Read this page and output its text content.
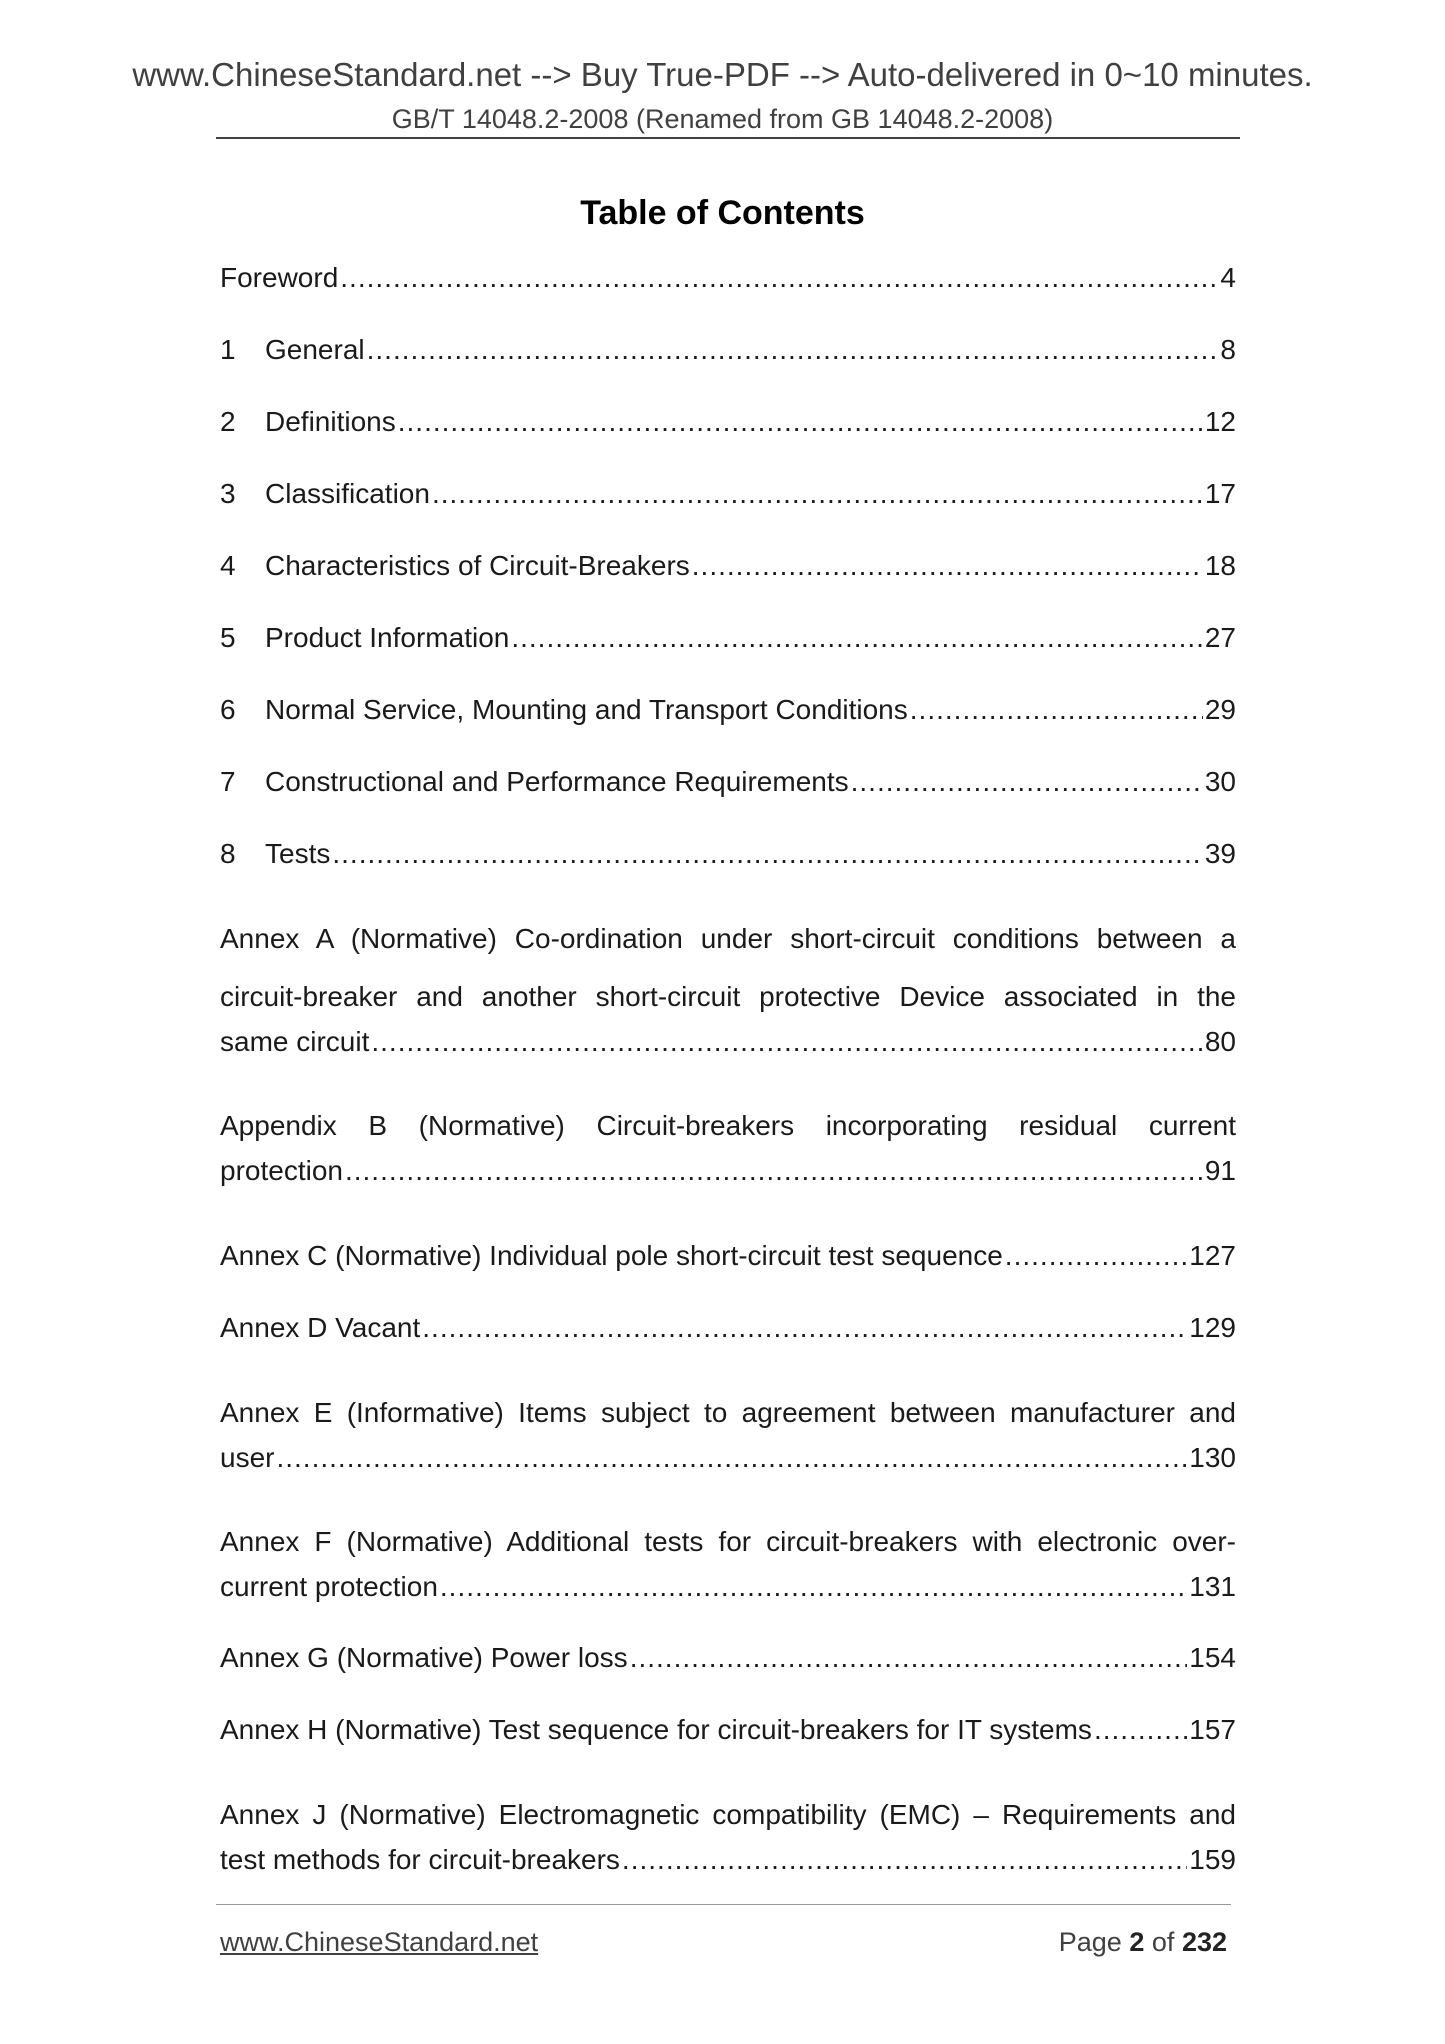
www.ChineseStandard.net --> Buy True-PDF --> Auto-delivered in 0~10 minutes.
GB/T 14048.2-2008 (Renamed from GB 14048.2-2008)
Table of Contents
Foreword .....	4
1	General .....	8
2	Definitions .....	12
3	Classification .....	17
4	Characteristics of Circuit-Breakers .....	18
5	Product Information .....	27
6	Normal Service, Mounting and Transport Conditions .....	29
7	Constructional and Performance Requirements .....	30
8	Tests .....	39
Annex A (Normative) Co-ordination under short-circuit conditions between a
circuit-breaker and another short-circuit protective Device associated in the
same circuit .....	80
Appendix B (Normative) Circuit-breakers incorporating residual current
protection .....	91
Annex C (Normative) Individual pole short-circuit test sequence .....	127
Annex D Vacant .....	129
Annex E (Informative) Items subject to agreement between manufacturer and
user .....	130
Annex F (Normative) Additional tests for circuit-breakers with electronic over-
current protection .....	131
Annex G (Normative) Power loss .....	154
Annex H (Normative) Test sequence for circuit-breakers for IT systems .....	157
Annex J (Normative) Electromagnetic compatibility (EMC) – Requirements and
test methods for circuit-breakers .....	159
www.ChineseStandard.net	Page 2 of 232
